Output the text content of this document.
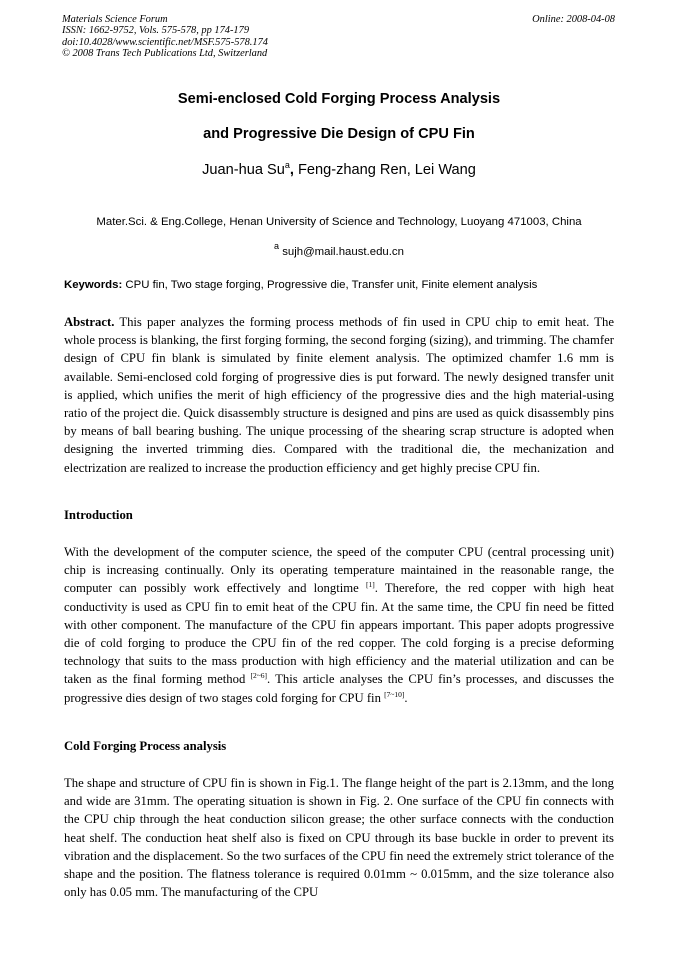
Materials Science Forum
ISSN: 1662-9752, Vols. 575-578, pp 174-179
doi:10.4028/www.scientific.net/MSF.575-578.174
© 2008 Trans Tech Publications Ltd, Switzerland
Online: 2008-04-08
Semi-enclosed Cold Forging Process Analysis
and Progressive Die Design of CPU Fin
Juan-hua Su$^a$, Feng-zhang Ren, Lei Wang
Mater.Sci. & Eng.College, Henan University of Science and Technology, Luoyang 471003, China
$^a$ sujh@mail.haust.edu.cn
Keywords: CPU fin, Two stage forging, Progressive die, Transfer unit, Finite element analysis
Abstract. This paper analyzes the forming process methods of fin used in CPU chip to emit heat. The whole process is blanking, the first forging forming, the second forging (sizing), and trimming. The chamfer design of CPU fin blank is simulated by finite element analysis. The optimized chamfer 1.6 mm is available. Semi-enclosed cold forging of progressive dies is put forward. The newly designed transfer unit is applied, which unifies the merit of high efficiency of the progressive dies and the high material-using ratio of the project die. Quick disassembly structure is designed and pins are used as quick disassembly pins by means of ball bearing bushing. The unique processing of the shearing scrap structure is adopted when designing the inverted trimming dies. Compared with the traditional die, the mechanization and electrization are realized to increase the production efficiency and get highly precise CPU fin.
Introduction
With the development of the computer science, the speed of the computer CPU (central processing unit) chip is increasing continually. Only its operating temperature maintained in the reasonable range, the computer can possibly work effectively and longtime [1]. Therefore, the red copper with high heat conductivity is used as CPU fin to emit heat of the CPU fin. At the same time, the CPU fin need be fitted with other component. The manufacture of the CPU fin appears important. This paper adopts progressive die of cold forging to produce the CPU fin of the red copper. The cold forging is a precise deforming technology that suits to the mass production with high efficiency and the material utilization and can be taken as the final forming method [2~6]. This article analyses the CPU fin’s processes, and discusses the progressive dies design of two stages cold forging for CPU fin [7~10].
Cold Forging Process analysis
The shape and structure of CPU fin is shown in Fig.1. The flange height of the part is 2.13mm, and the long and wide are 31mm. The operating situation is shown in Fig. 2. One surface of the CPU fin connects with the CPU chip through the heat conduction silicon grease; the other surface connects with the conduction heat shelf. The conduction heat shelf also is fixed on CPU through its base buckle in order to prevent its vibration and the displacement. So the two surfaces of the CPU fin need the extremely strict tolerance of the shape and the position. The flatness tolerance is required 0.01mm ~ 0.015mm, and the size tolerance also only has 0.05 mm. The manufacturing of the CPU
